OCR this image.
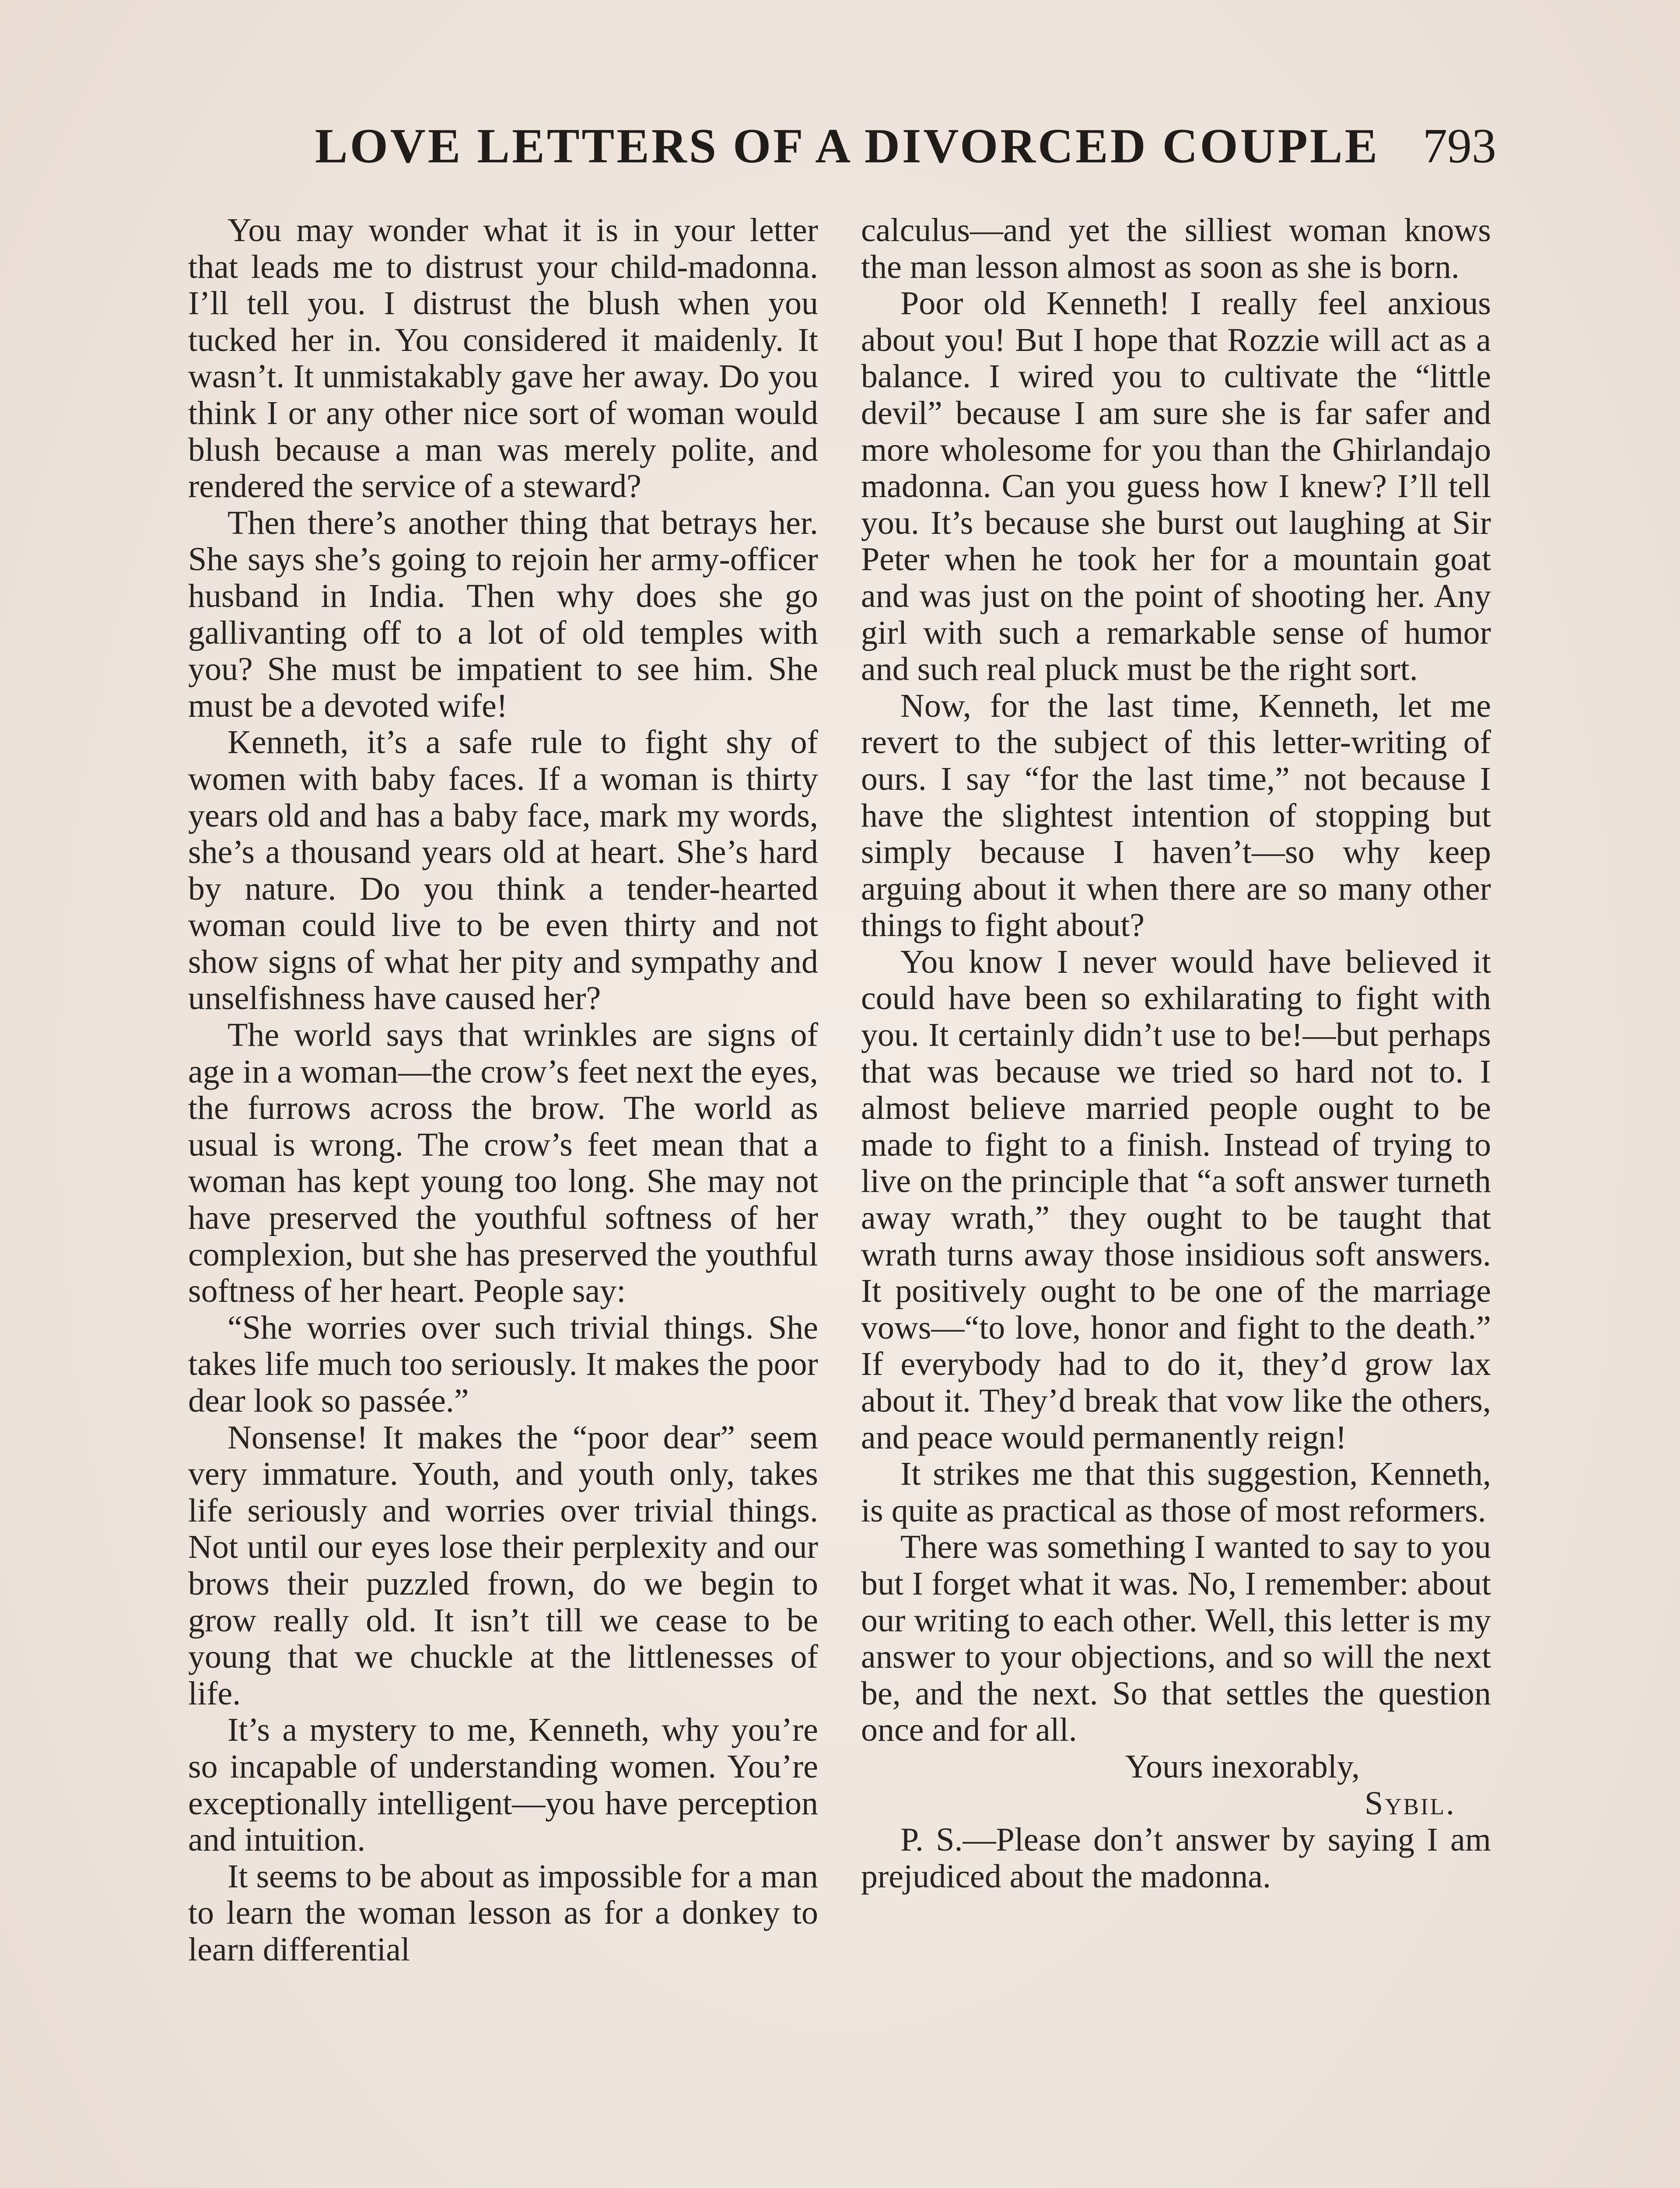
LOVE LETTERS OF A DIVORCED COUPLE 793

You may wonder what it is in your letter that leads me to distrust your child-madonna. I’ll tell you. I distrust the blush when you tucked her in. You considered it maidenly. It wasn’t. It unmistakably gave her away. Do you think I or any other nice sort of woman would blush because a man was merely polite, and rendered the service of a steward?

Then there’s another thing that betrays her. She says she’s going to rejoin her army-officer husband in India. Then why does she go gallivanting off to a lot of old temples with you? She must be impatient to see him. She must be a devoted wife!

Kenneth, it’s a safe rule to fight shy of women with baby faces. If a woman is thirty years old and has a baby face, mark my words, she’s a thousand years old at heart. She’s hard by nature. Do you think a tender-hearted woman could live to be even thirty and not show signs of what her pity and sympathy and unselfishness have caused her?

The world says that wrinkles are signs of age in a woman—the crow’s feet next the eyes, the furrows across the brow. The world as usual is wrong. The crow’s feet mean that a woman has kept young too long. She may not have preserved the youthful softness of her complexion, but she has preserved the youthful softness of her heart. People say:

“She worries over such trivial things. She takes life much too seriously. It makes the poor dear look so passée.”

Nonsense! It makes the “poor dear” seem very immature. Youth, and youth only, takes life seriously and worries over trivial things. Not until our eyes lose their perplexity and our brows their puzzled frown, do we begin to grow really old. It isn’t till we cease to be young that we chuckle at the littlenesses of life.

It’s a mystery to me, Kenneth, why you’re so incapable of understanding women. You’re exceptionally intelligent—you have perception and intuition.

It seems to be about as impossible for a man to learn the woman lesson as for a donkey to learn differential

calculus—and yet the silliest woman knows the man lesson almost as soon as she is born.

Poor old Kenneth! I really feel anxious about you! But I hope that Rozzie will act as a balance. I wired you to cultivate the “little devil” because I am sure she is far safer and more wholesome for you than the Ghirlandajo madonna. Can you guess how I knew? I’ll tell you. It’s because she burst out laughing at Sir Peter when he took her for a mountain goat and was just on the point of shooting her. Any girl with such a remarkable sense of humor and such real pluck must be the right sort.

Now, for the last time, Kenneth, let me revert to the subject of this letter-writing of ours. I say “for the last time,” not because I have the slightest intention of stopping but simply because I haven’t—so why keep arguing about it when there are so many other things to fight about?

You know I never would have believed it could have been so exhilarating to fight with you. It certainly didn’t use to be!—but perhaps that was because we tried so hard not to. I almost believe married people ought to be made to fight to a finish. Instead of trying to live on the principle that “a soft answer turneth away wrath,” they ought to be taught that wrath turns away those insidious soft answers. It positively ought to be one of the marriage vows—“to love, honor and fight to the death.” If everybody had to do it, they’d grow lax about it. They’d break that vow like the others, and peace would permanently reign!

It strikes me that this suggestion, Kenneth, is quite as practical as those of most reformers.

There was something I wanted to say to you but I forget what it was. No, I remember: about our writing to each other. Well, this letter is my answer to your objections, and so will the next be, and the next. So that settles the question once and for all.

Yours inexorably,

Sybil.

P. S.—Please don’t answer by saying I am prejudiced about the madonna.
